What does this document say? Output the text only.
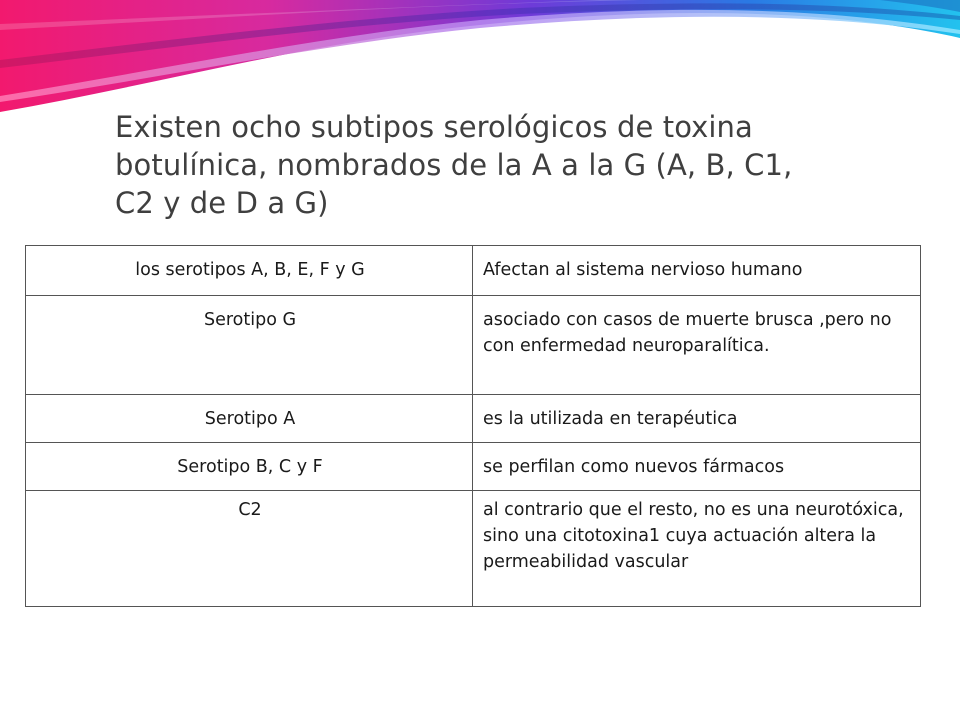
Existen ocho subtipos serológicos de toxina botulínica, nombrados de la A a la G (A, B, C1, C2 y de D a G)

los serotipos A, B, E, F y G	Afectan al sistema nervioso humano
Serotipo G	asociado con casos de muerte brusca ,pero no con enfermedad neuroparalítica.
Serotipo A	es la utilizada en terapéutica
Serotipo B, C y F	se perfilan como nuevos fármacos
C2	al contrario que el resto, no es una neurotóxica, sino una citotoxina1 cuya actuación altera la permeabilidad vascular
